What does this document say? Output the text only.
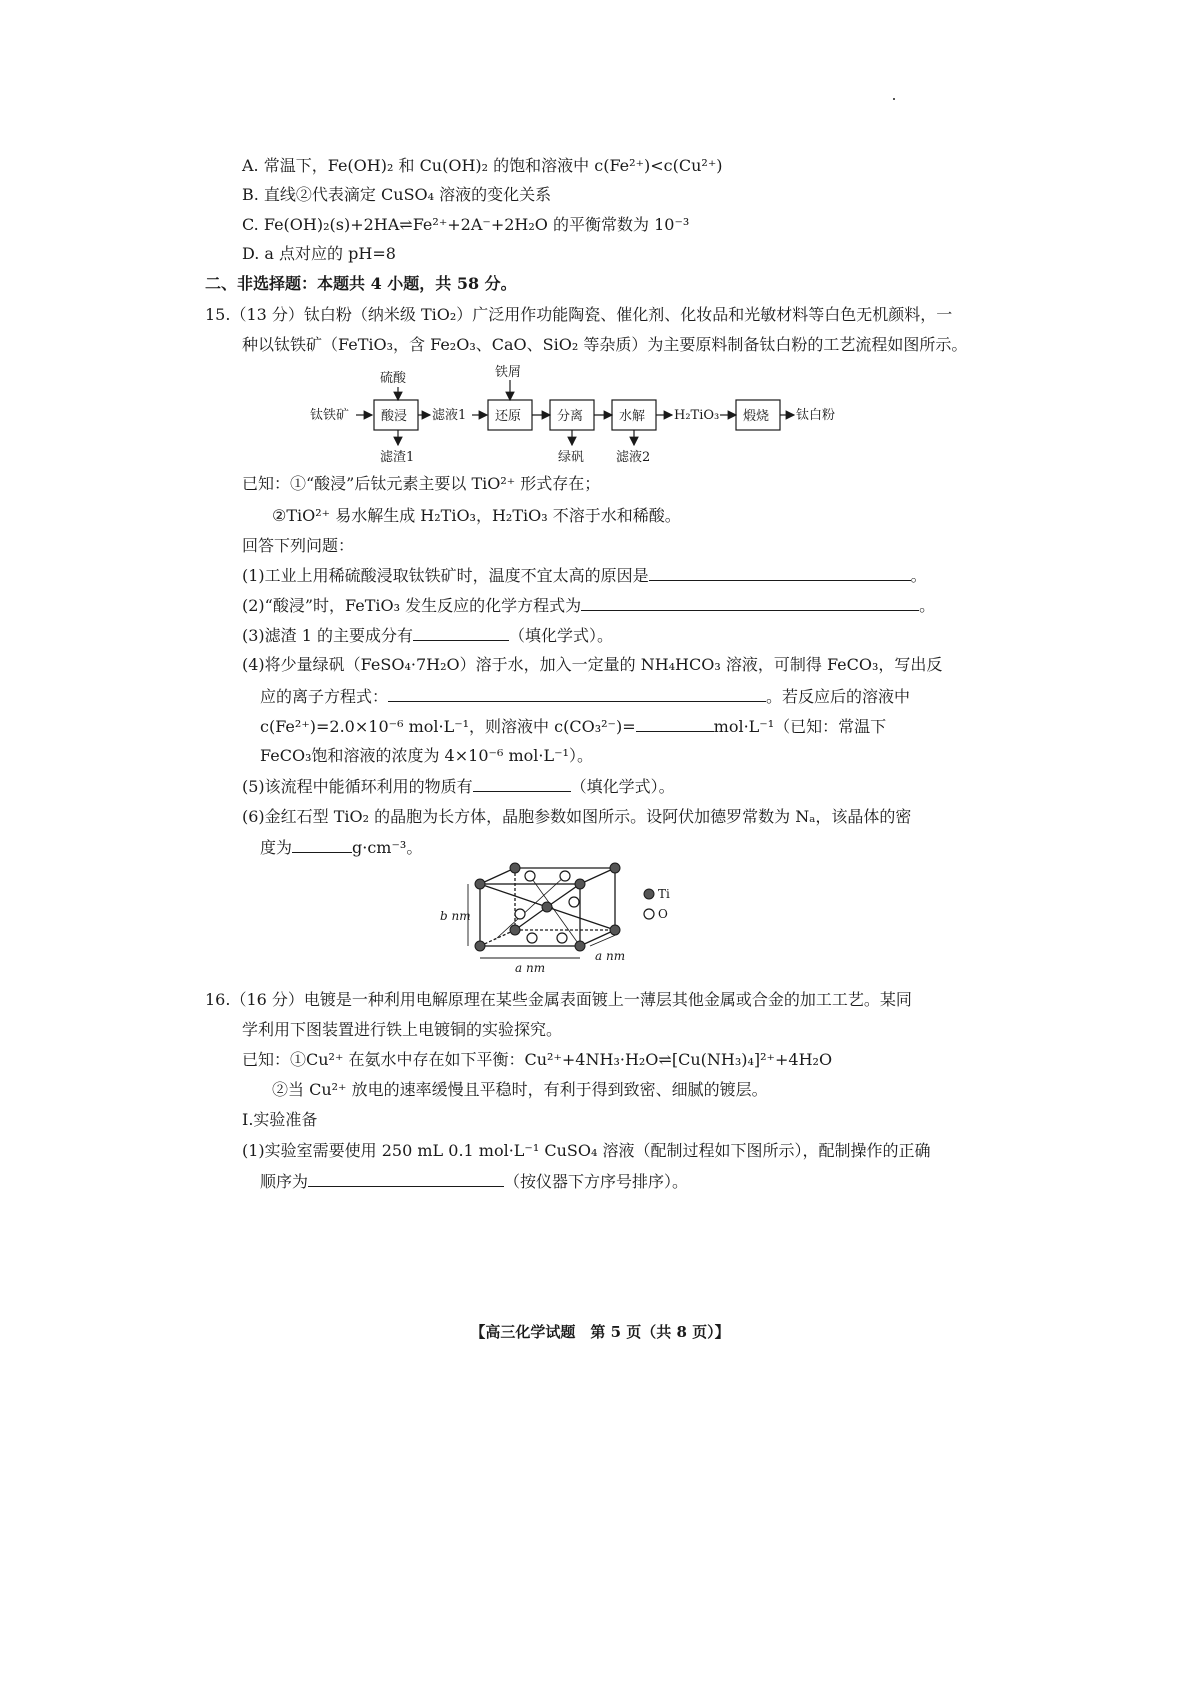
A. 常温下，Fe(OH)₂ 和 Cu(OH)₂ 的饱和溶液中 c(Fe²⁺)<c(Cu²⁺)
B. 直线②代表滴定 CuSO₄ 溶液的变化关系
C. Fe(OH)₂(s)+2HA⇌Fe²⁺+2A⁻+2H₂O 的平衡常数为 10⁻³
D. a 点对应的 pH=8
二、非选择题：本题共 4 小题，共 58 分。
15.（13 分）钛白粉（纳米级 TiO₂）广泛用作功能陶瓷、催化剂、化妆品和光敏材料等白色无机颜料，一
种以钛铁矿（FeTiO₃，含 Fe₂O₃、CaO、SiO₂ 等杂质）为主要原料制备钛白粉的工艺流程如图所示。
钛铁矿
硫酸
酸浸
滤渣1
滤液1
铁屑
还原	分离
绿矾
水解
滤液2
H₂TiO₃ 煅烧 钛白粉
已知：①“酸浸”后钛元素主要以 TiO²⁺ 形式存在；
②TiO²⁺ 易水解生成 H₂TiO₃，H₂TiO₃ 不溶于水和稀酸。
回答下列问题：
(1)工业上用稀硫酸浸取钛铁矿时，温度不宜太高的原因是	。
(2)“酸浸”时，FeTiO₃ 发生反应的化学方程式为	。
(3)滤渣 1 的主要成分有	（填化学式）。
(4)将少量绿矾（FeSO₄·7H₂O）溶于水，加入一定量的 NH₄HCO₃ 溶液，可制得 FeCO₃，写出反
应的离子方程式：	。若反应后的溶液中
c(Fe²⁺)=2.0×10⁻⁶ mol·L⁻¹，则溶液中 c(CO₃²⁻)=	mol·L⁻¹（已知：常温下
FeCO₃饱和溶液的浓度为 4×10⁻⁶ mol·L⁻¹）。
(5)该流程中能循环利用的物质有	（填化学式）。
(6)金红石型 TiO₂ 的晶胞为长方体，晶胞参数如图所示。设阿伏加德罗常数为 Nₐ，该晶体的密
度为	g·cm⁻³。
Ti
O
b nm
a nm
a nm
16.（16 分）电镀是一种利用电解原理在某些金属表面镀上一薄层其他金属或合金的加工工艺。某同
学利用下图装置进行铁上电镀铜的实验探究。
已知：①Cu²⁺ 在氨水中存在如下平衡：Cu²⁺+4NH₃·H₂O⇌[Cu(NH₃)₄]²⁺+4H₂O
②当 Cu²⁺ 放电的速率缓慢且平稳时，有利于得到致密、细腻的镀层。
Ⅰ.实验准备
(1)实验室需要使用 250 mL 0.1 mol·L⁻¹ CuSO₄ 溶液（配制过程如下图所示），配制操作的正确
顺序为	（按仪器下方序号排序）。
【高三化学试题　第 5 页（共 8 页）】
